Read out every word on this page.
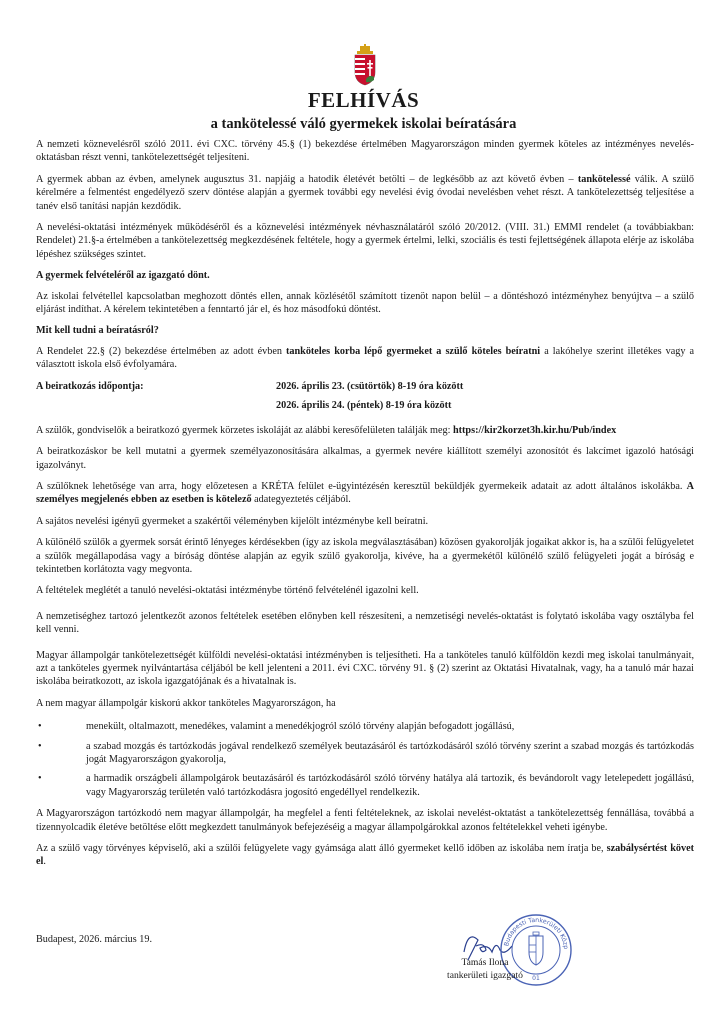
FELHÍVÁS
a tankötelessé váló gyermekek iskolai beíratására

A nemzeti köznevelésről szóló 2011. évi CXC. törvény 45.§ (1) bekezdése értelmében Magyarországon minden gyermek köteles az intézményes nevelés-oktatásban részt venni, tankötelezettségét teljesíteni.

A gyermek abban az évben, amelynek augusztus 31. napjáig a hatodik életévét betölti – de legkésőbb az azt követő évben – tankötelessé válik. A szülő kérelmére a felmentést engedélyező szerv döntése alapján a gyermek további egy nevelési évig óvodai nevelésben vehet részt. A tankötelezettség teljesítése a tanév első tanítási napján kezdődik.

A nevelési-oktatási intézmények működéséről és a köznevelési intézmények névhasználatáról szóló 20/2012. (VIII. 31.) EMMI rendelet (a továbbiakban: Rendelet) 21.§-a értelmében a tankötelezettség megkezdésének feltétele, hogy a gyermek értelmi, lelki, szociális és testi fejlettségének állapota elérje az iskolába lépéshez szükséges szintet.

A gyermek felvételéről az igazgató dönt.

Az iskolai felvétellel kapcsolatban meghozott döntés ellen, annak közlésétől számított tizenöt napon belül – a döntéshozó intézményhez benyújtva – a szülő eljárást indíthat. A kérelem tekintetében a fenntartó jár el, és hoz másodfokú döntést.

Mit kell tudni a beíratásról?

A Rendelet 22.§ (2) bekezdése értelmében az adott évben tanköteles korba lépő gyermeket a szülő köteles beíratni a lakóhelye szerint illetékes vagy a választott iskola első évfolyamára.

A beiratkozás időpontja:	2026. április 23. (csütörtök) 8-19 óra között
2026. április 24. (péntek) 8-19 óra között

A szülők, gondviselők a beiratkozó gyermek körzetes iskoláját az alábbi keresőfelületen találják meg: https://kir2korzet3h.kir.hu/Pub/index

A beiratkozáskor be kell mutatni a gyermek személyazonosítására alkalmas, a gyermek nevére kiállított személyi azonosítót és lakcímet igazoló hatósági igazolványt.

A szülőknek lehetősége van arra, hogy előzetesen a KRÉTA felület e-ügyintézésén keresztül beküldjék gyermekeik adatait az adott általános iskolákba. A személyes megjelenés ebben az esetben is kötelező adategyeztetés céljából.

A sajátos nevelési igényű gyermeket a szakértői véleményben kijelölt intézménybe kell beíratni.

A különélő szülők a gyermek sorsát érintő lényeges kérdésekben (így az iskola megválasztásában) közösen gyakorolják jogaikat akkor is, ha a szülői felügyeletet a szülők megállapodása vagy a bíróság döntése alapján az egyik szülő gyakorolja, kivéve, ha a gyermekétől különélő szülő felügyeleti jogát a bíróság e tekintetben korlátozta vagy megvonta.

A feltételek meglétét a tanuló nevelési-oktatási intézménybe történő felvételénél igazolni kell.

A nemzetiséghez tartozó jelentkezőt azonos feltételek esetében előnyben kell részesíteni, a nemzetiségi nevelés-oktatást is folytató iskolába vagy osztályba fel kell venni.

Magyar állampolgár tankötelezettségét külföldi nevelési-oktatási intézményben is teljesítheti. Ha a tanköteles tanuló külföldön kezdi meg iskolai tanulmányait, azt a tanköteles gyermek nyilvántartása céljából be kell jelenteni a 2011. évi CXC. törvény 91. § (2) szerint az Oktatási Hivatalnak, vagy, ha a tanuló már hazai iskolába beiratkozott, az iskola igazgatójának és a hivatalnak is.

A nem magyar állampolgár kiskorú akkor tanköteles Magyarországon, ha

•	menekült, oltalmazott, menedékes, valamint a menedékjogról szóló törvény alapján befogadott jogállású,
•	a szabad mozgás és tartózkodás jogával rendelkező személyek beutazásáról és tartózkodásáról szóló törvény szerint a szabad mozgás és tartózkodás jogát Magyarországon gyakorolja,
•	a harmadik országbeli állampolgárok beutazásáról és tartózkodásáról szóló törvény hatálya alá tartozik, és bevándorolt vagy letelepedett jogállású, vagy Magyarország területén való tartózkodásra jogosító engedéllyel rendelkezik.

A Magyarországon tartózkodó nem magyar állampolgár, ha megfelel a fenti feltételeknek, az iskolai nevelést-oktatást a tankötelezettség fennállása, továbbá a tizennyolcadik életéve betöltése előtt megkezdett tanulmányok befejezéséig a magyar állampolgárokkal azonos feltételekkel veheti igénybe.

Az a szülő vagy törvényes képviselő, aki a szülői felügyelete vagy gyámsága alatt álló gyermeket kellő időben az iskolába nem íratja be, szabálysértést követ el.

Budapest, 2026. március 19.	Budapesti Tankerületi Közp
01
Tamás Ilona
tankerületi igazgató
